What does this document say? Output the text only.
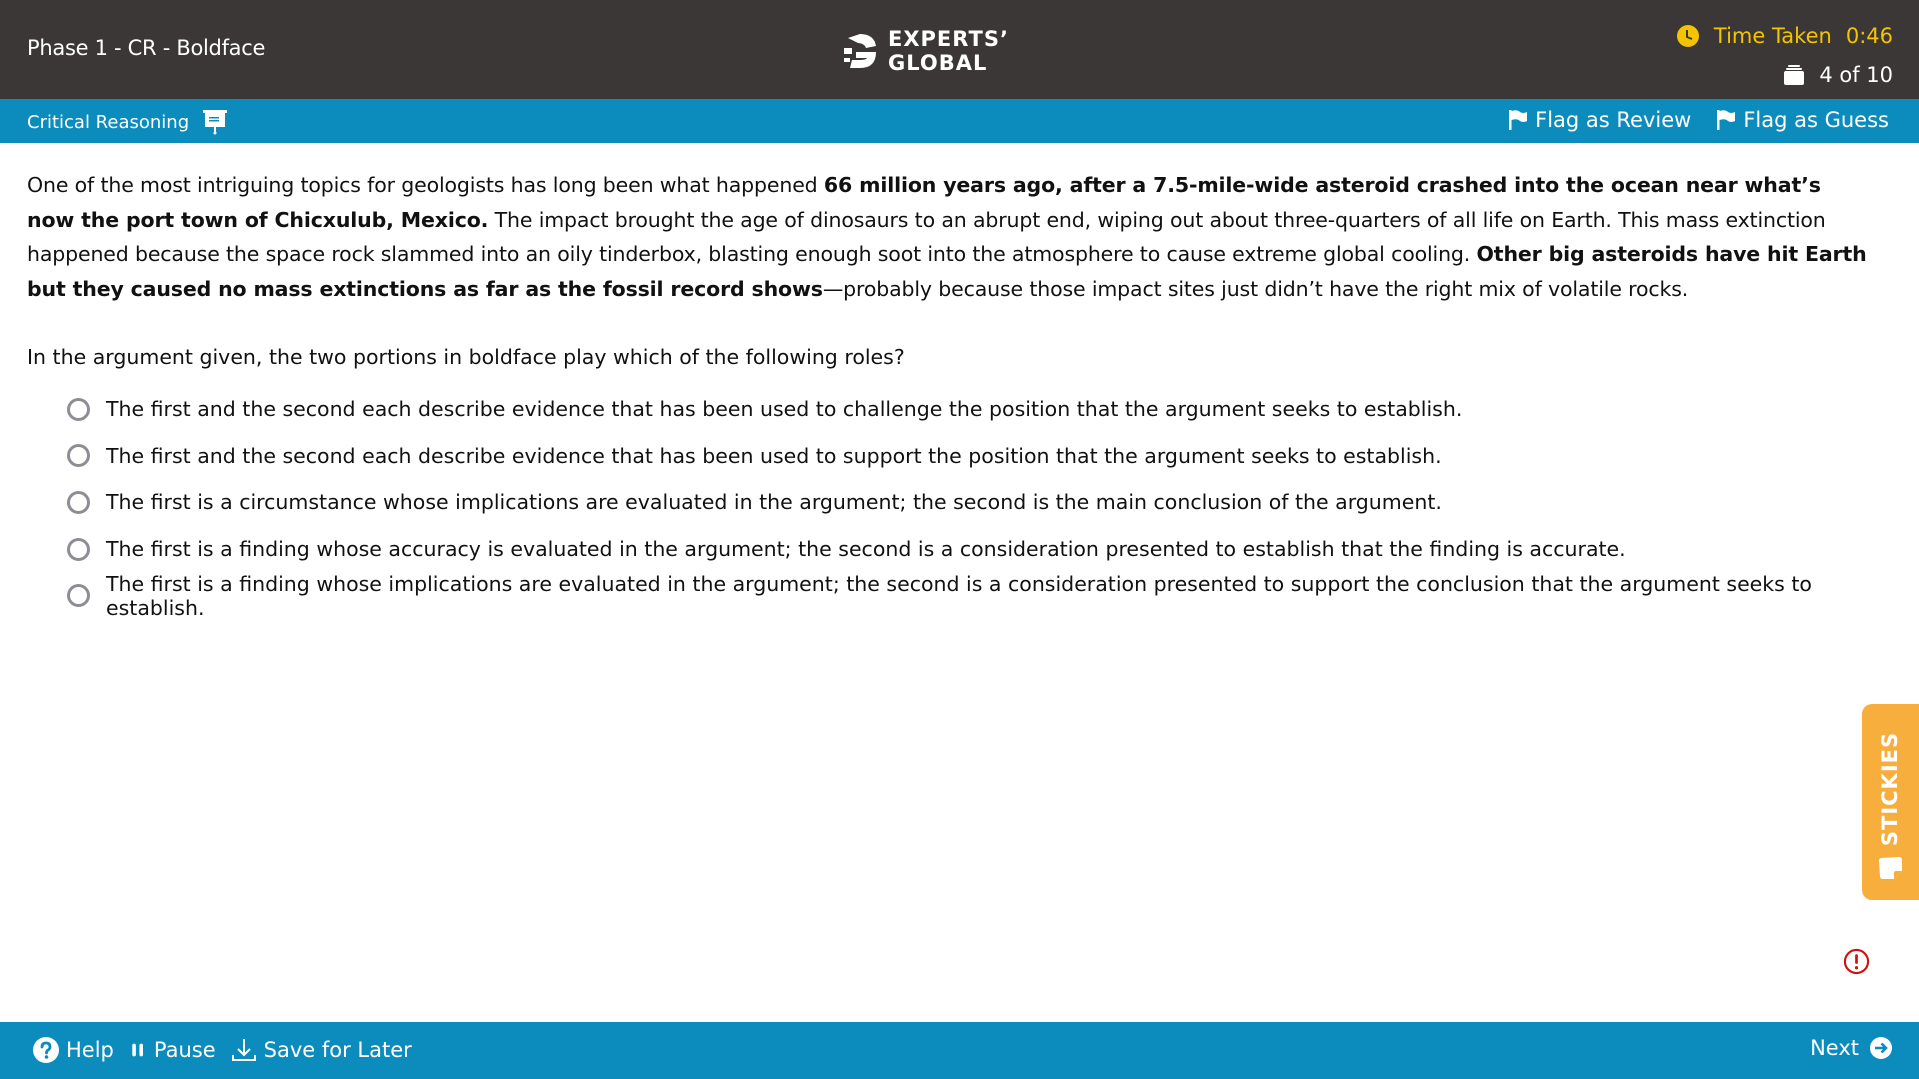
Phase 1 - CR - Boldface	EXPERTS’
GLOBAL
Time Taken 0:46
4 of 10
Critical Reasoning	Flag as Review Flag as Guess

One of the most intriguing topics for geologists has long been what happened 66 million years ago, after a 7.5-mile-wide asteroid crashed into the ocean near what’s now the port town of Chicxulub, Mexico. The impact brought the age of dinosaurs to an abrupt end, wiping out about three-quarters of all life on Earth. This mass extinction happened because the space rock slammed into an oily tinderbox, blasting enough soot into the atmosphere to cause extreme global cooling. Other big asteroids have hit Earth but they caused no mass extinctions as far as the fossil record shows—probably because those impact sites just didn’t have the right mix of volatile rocks.

In the argument given, the two portions in boldface play which of the following roles?

The first and the second each describe evidence that has been used to challenge the position that the argument seeks to establish.
The first and the second each describe evidence that has been used to support the position that the argument seeks to establish.
The first is a circumstance whose implications are evaluated in the argument; the second is the main conclusion of the argument.
The first is a finding whose accuracy is evaluated in the argument; the second is a consideration presented to establish that the finding is accurate.
The first is a finding whose implications are evaluated in the argument; the second is a consideration presented to support the conclusion that the argument seeks to establish.
STICKIES
Help Pause Save for Later	Next
